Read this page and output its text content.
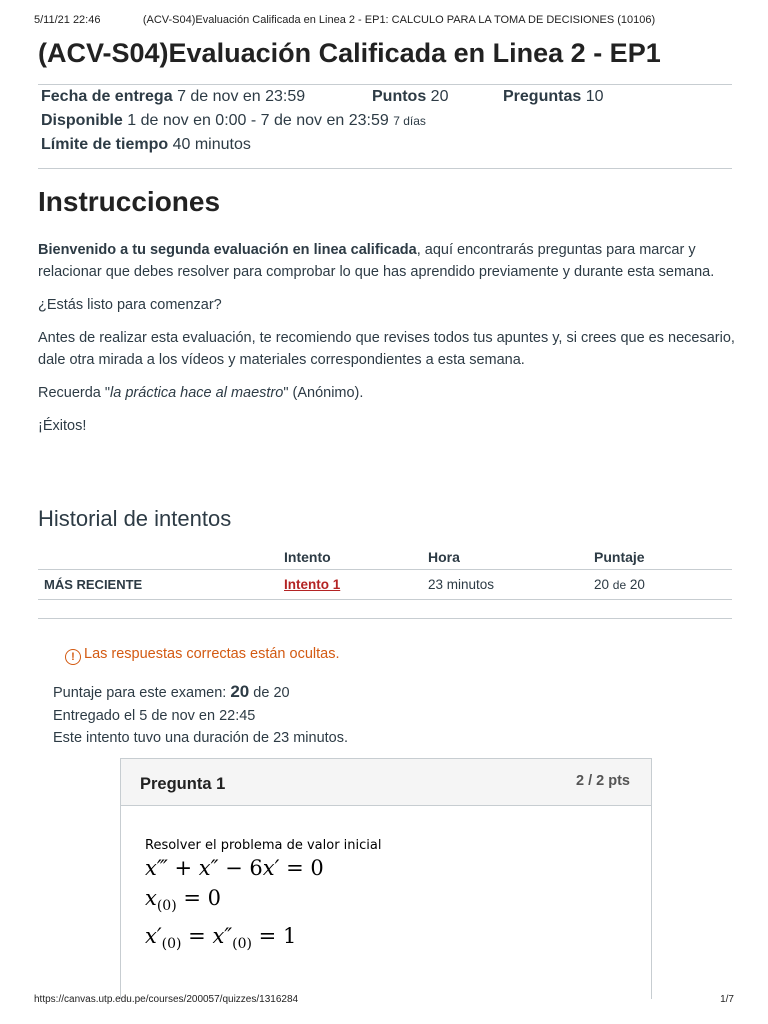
5/11/21 22:46	(ACV-S04)Evaluación Calificada en Linea 2 - EP1: CALCULO PARA LA TOMA DE DECISIONES (10106)
(ACV-S04)Evaluación Calificada en Linea 2 - EP1
Fecha de entrega 7 de nov en 23:59	Puntos 20	Preguntas 10
Disponible 1 de nov en 0:00 - 7 de nov en 23:59 7 días
Límite de tiempo 40 minutos
Instrucciones

Bienvenido a tu segunda evaluación en linea calificada, aquí encontrarás preguntas para marcar y relacionar que debes resolver para comprobar lo que has aprendido previamente y durante esta semana.

¿Estás listo para comenzar?

Antes de realizar esta evaluación, te recomiendo que revises todos tus apuntes y, si crees que es necesario, dale otra mirada a los vídeos y materiales correspondientes a esta semana.

Recuerda "la práctica hace al maestro" (Anónimo).

¡Éxitos!

Historial de intentos
	Intento	Hora	Puntaje
MÁS RECIENTE	Intento 1	23 minutos	20 de 20
! Las respuestas correctas están ocultas.
Puntaje para este examen: 20 de 20
Entregado el 5 de nov en 22:45
Este intento tuvo una duración de 23 minutos.
Pregunta 1	2 / 2 pts
Resolver el problema de valor inicial
x‴ + x″ − 6x′ = 0
$x_{(0)} = 0$
$x'_{(0)} = x''_{(0)} = 1$
https://canvas.utp.edu.pe/courses/200057/quizzes/1316284	1/7
